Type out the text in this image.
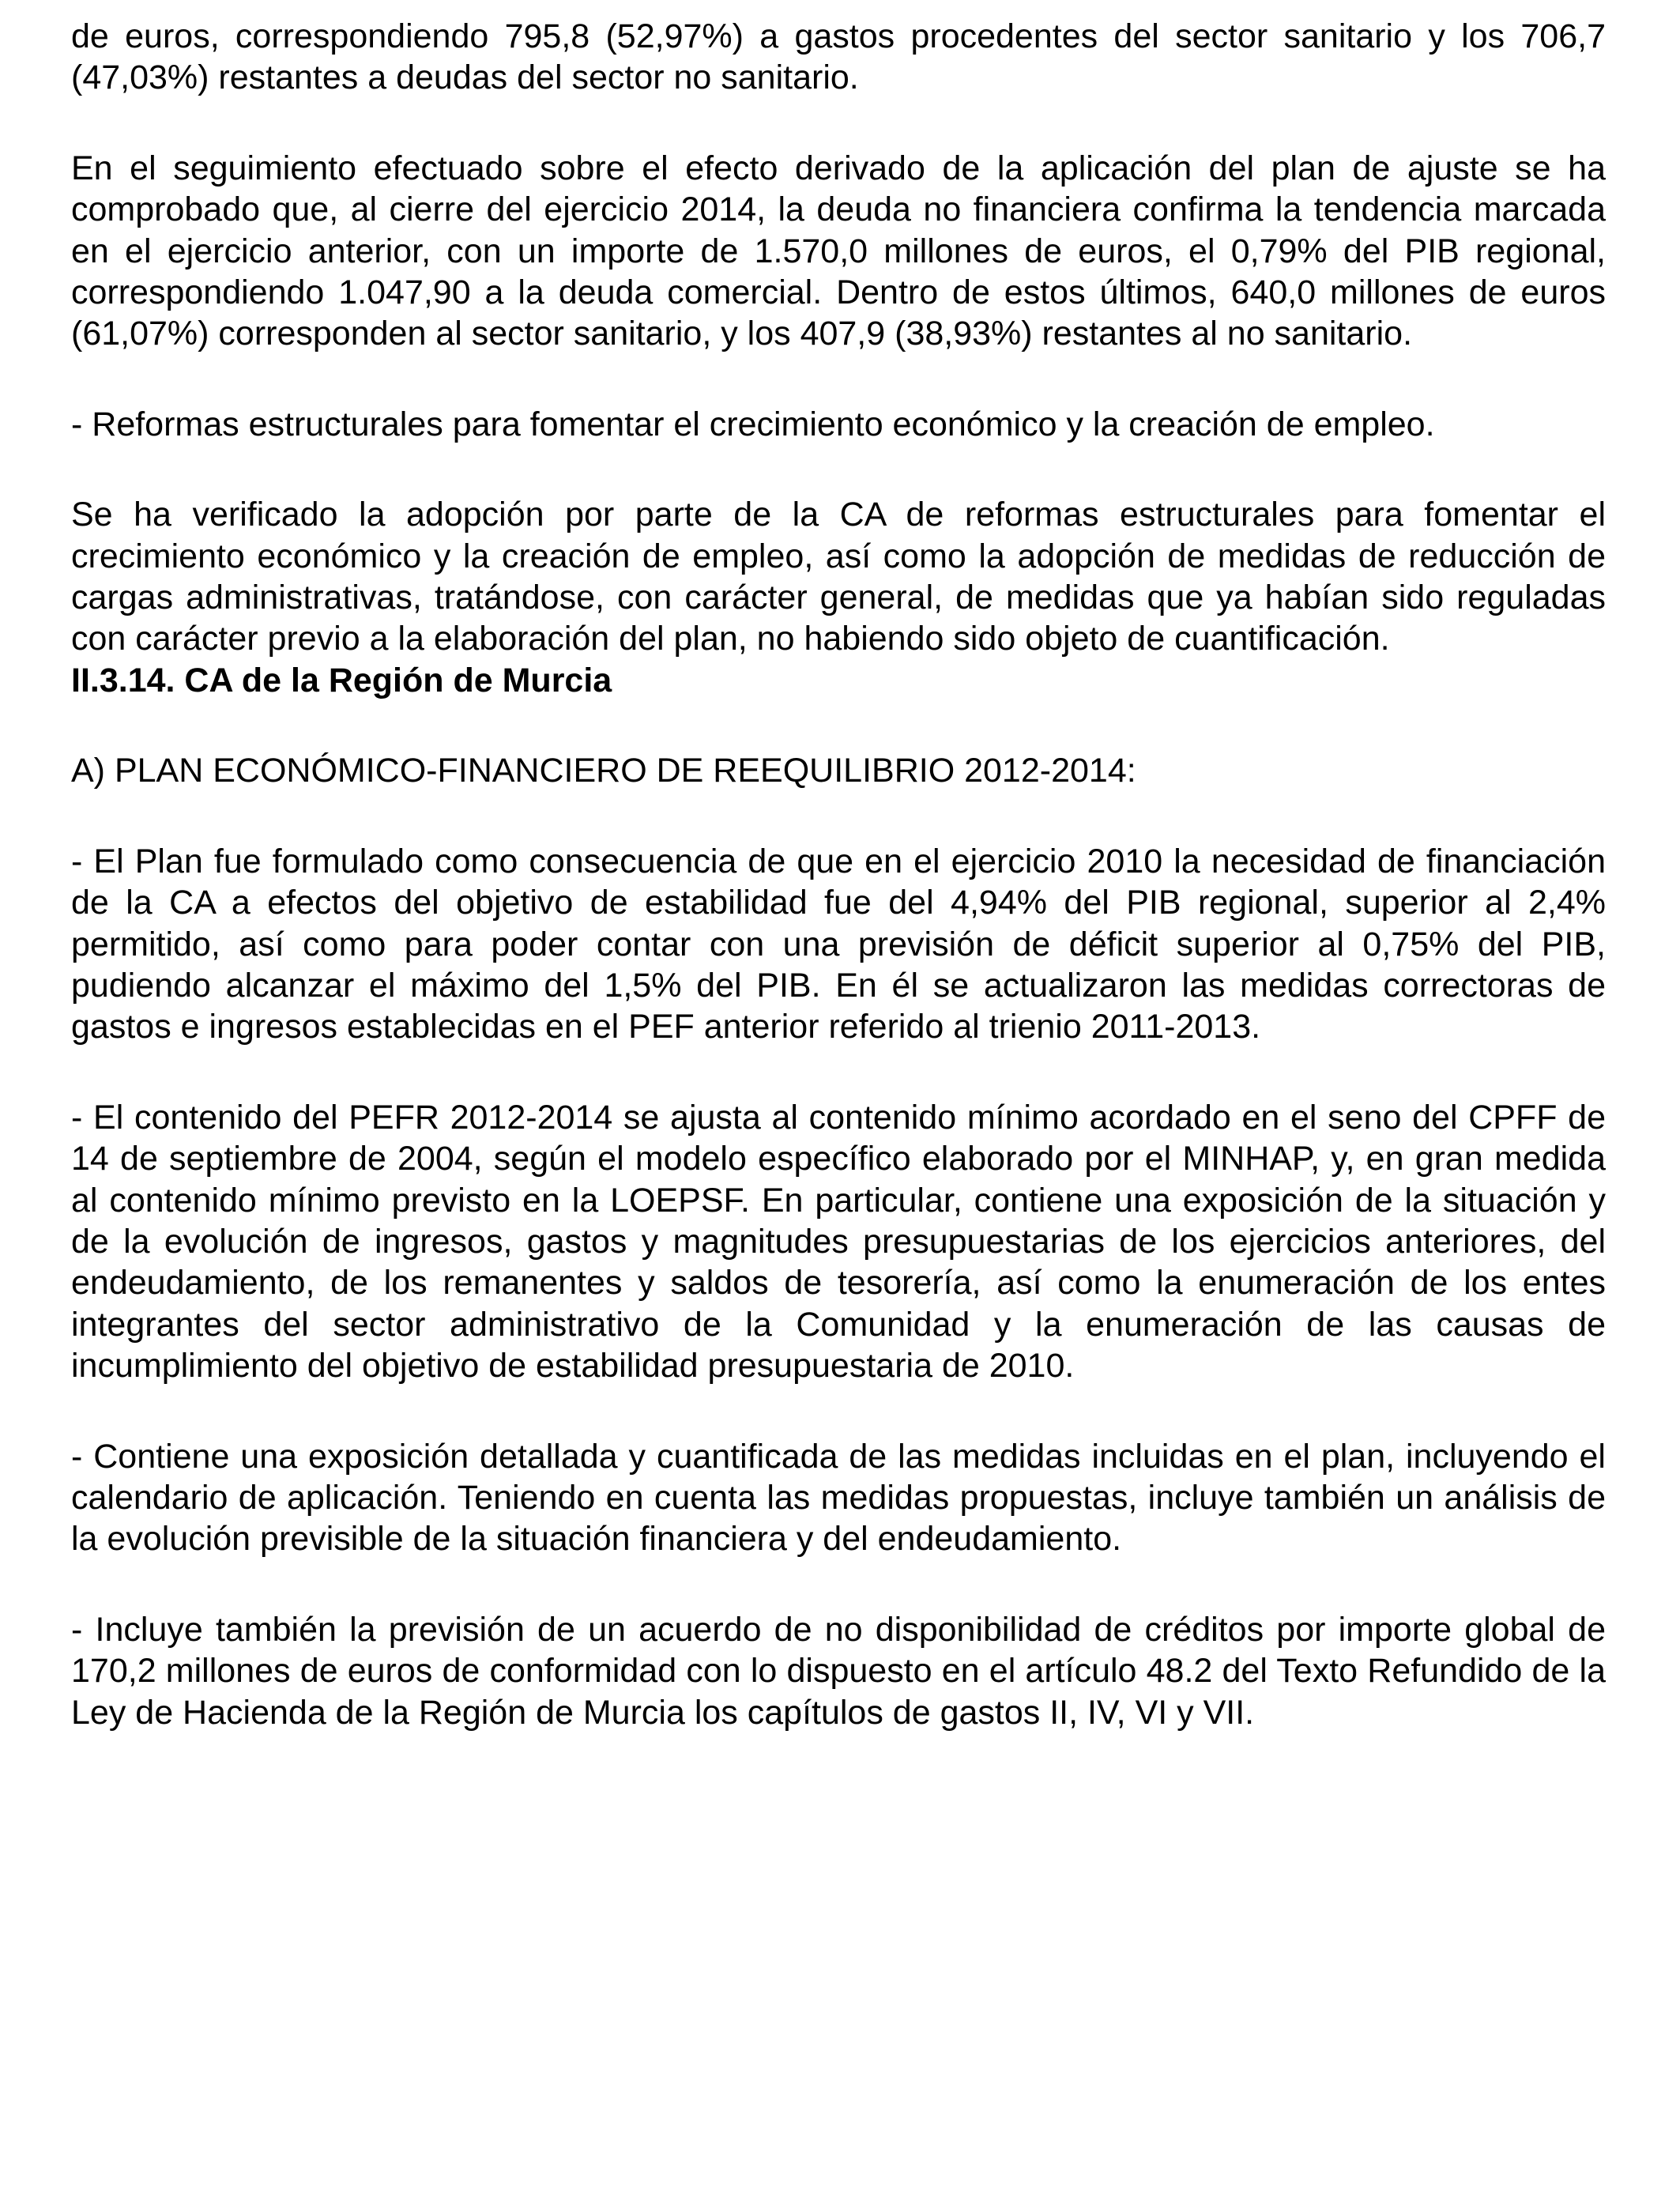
de euros, correspondiendo 795,8 (52,97%) a gastos procedentes del sector sanitario y los 706,7 (47,03%) restantes a deudas del sector no sanitario.

En el seguimiento efectuado sobre el efecto derivado de la aplicación del plan de ajuste se ha comprobado que, al cierre del ejercicio 2014, la deuda no financiera confirma la tendencia marcada en el ejercicio anterior, con un importe de 1.570,0 millones de euros, el 0,79% del PIB regional, correspondiendo 1.047,90 a la deuda comercial. Dentro de estos últimos, 640,0 millones de euros (61,07%) corresponden al sector sanitario, y los 407,9 (38,93%) restantes al no sanitario.

- Reformas estructurales para fomentar el crecimiento económico y la creación de empleo.

Se ha verificado la adopción por parte de la CA de reformas estructurales para fomentar el crecimiento económico y la creación de empleo, así como la adopción de medidas de reducción de cargas administrativas, tratándose, con carácter general, de medidas que ya habían sido reguladas con carácter previo a la elaboración del plan, no habiendo sido objeto de cuantificación.

II.3.14. CA de la Región de Murcia

A) PLAN ECONÓMICO-FINANCIERO DE REEQUILIBRIO 2012-2014:

- El Plan fue formulado como consecuencia de que en el ejercicio 2010 la necesidad de financiación de la CA a efectos del objetivo de estabilidad fue del 4,94% del PIB regional, superior al 2,4% permitido, así como para poder contar con una previsión de déficit superior al 0,75% del PIB, pudiendo alcanzar el máximo del 1,5% del PIB. En él se actualizaron las medidas correctoras de gastos e ingresos establecidas en el PEF anterior referido al trienio 2011-2013.

- El contenido del PEFR 2012-2014 se ajusta al contenido mínimo acordado en el seno del CPFF de 14 de septiembre de 2004, según el modelo específico elaborado por el MINHAP, y, en gran medida al contenido mínimo previsto en la LOEPSF. En particular, contiene una exposición de la situación y de la evolución de ingresos, gastos y magnitudes presupuestarias de los ejercicios anteriores, del endeudamiento, de los remanentes y saldos de tesorería, así como la enumeración de los entes integrantes del sector administrativo de la Comunidad y la enumeración de las causas de incumplimiento del objetivo de estabilidad presupuestaria de 2010.

- Contiene una exposición detallada y cuantificada de las medidas incluidas en el plan, incluyendo el calendario de aplicación. Teniendo en cuenta las medidas propuestas, incluye también un análisis de la evolución previsible de la situación financiera y del endeudamiento.

- Incluye también la previsión de un acuerdo de no disponibilidad de créditos por importe global de 170,2 millones de euros de conformidad con lo dispuesto en el artículo 48.2 del Texto Refundido de la Ley de Hacienda de la Región de Murcia los capítulos de gastos II, IV, VI y VII.
